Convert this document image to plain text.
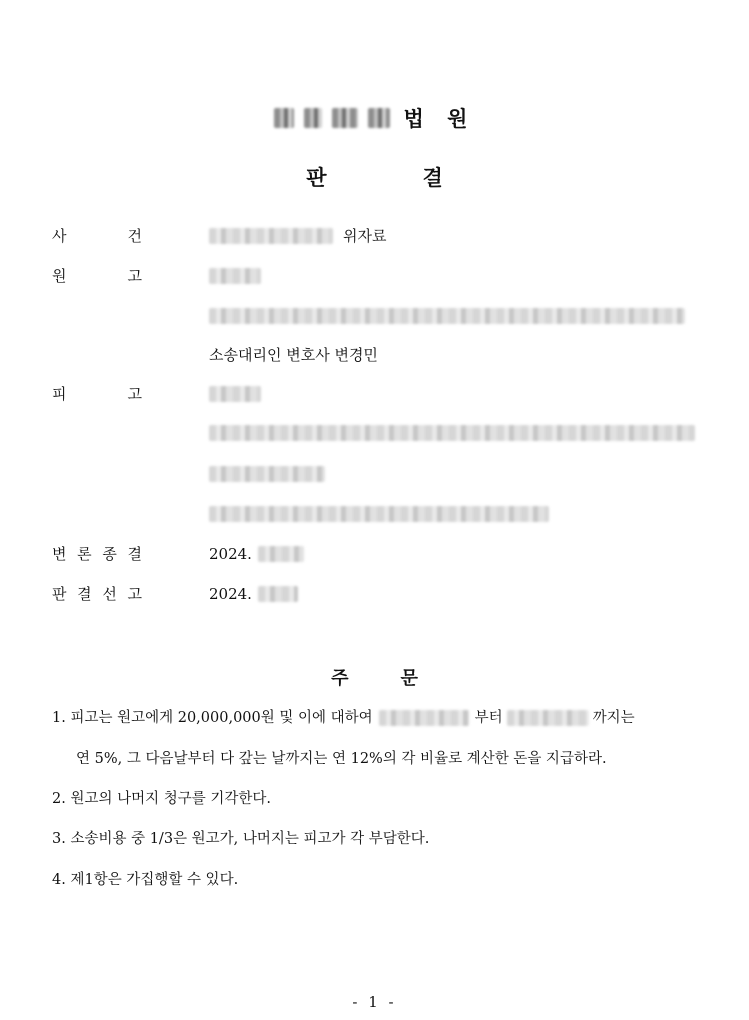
법 원
판	결
사	건	위자료
원	고
소송대리인 변호사 변경민
피	고
변 론 종 결	2024.
판 결 선 고	2024.
주	문
1.
피고는 원고에게 20,000,000원 및 이에 대하여	부터	까지는
연 5%, 그 다음날부터 다 갚는 날까지는 연 12%의 각 비율로 계산한 돈을 지급하라.
2.
원고의 나머지 청구를 기각한다.
3.
소송비용 중 1/3은 원고가, 나머지는 피고가 각 부담한다.
4.
제1항은 가집행할 수 있다.
- 1 -
